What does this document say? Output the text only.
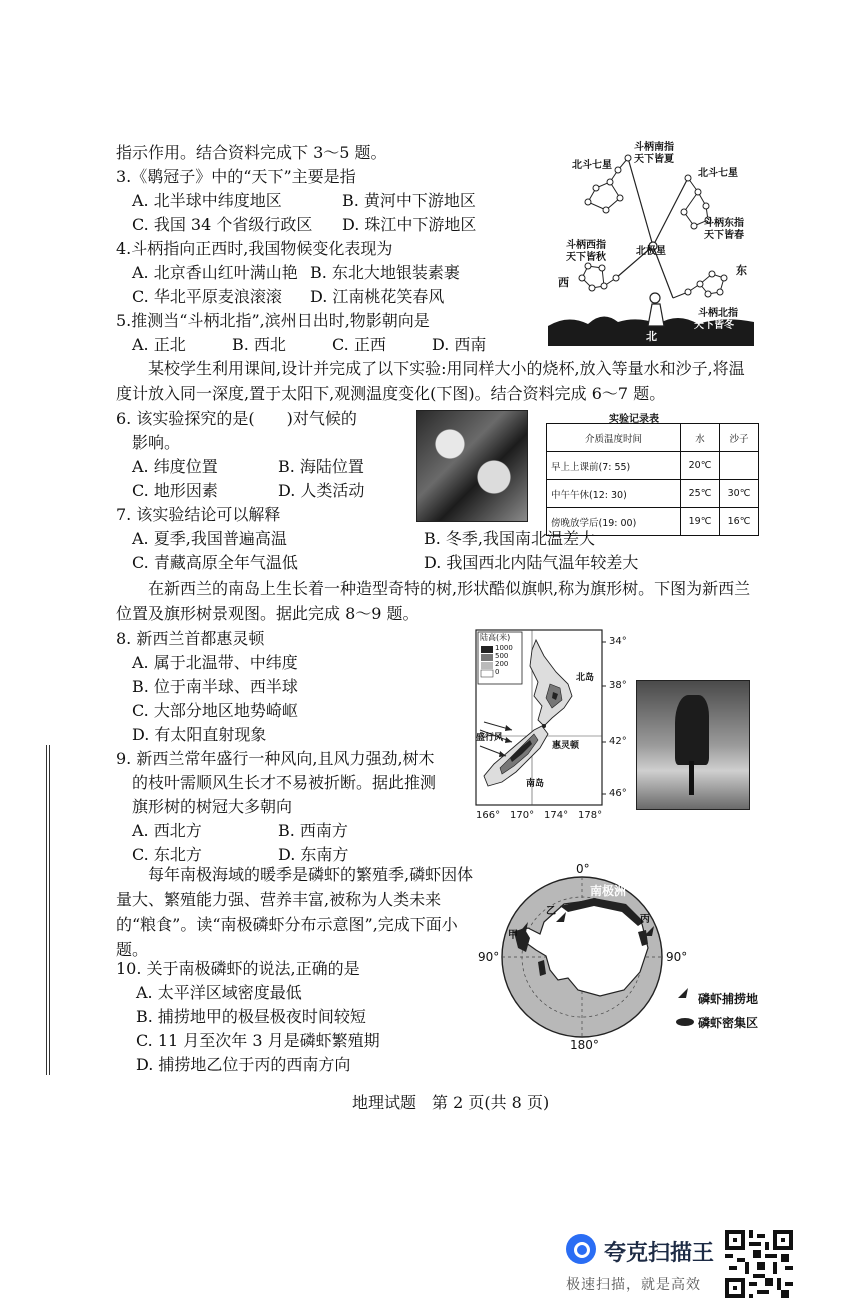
指示作用。结合资料完成下 3～5 题。
3.《鹖冠子》中的“天下”主要是指
A. 北半球中纬度地区	B. 黄河中下游地区
C. 我国 34 个省级行政区 D. 珠江中下游地区
4.斗柄指向正西时,我国物候变化表现为
A. 北京香山红叶满山艳 B. 东北大地银装素裹
C. 华北平原麦浪滚滚 D. 江南桃花笑春风
5.推测当“斗柄北指”,滨州日出时,物影朝向是
A. 正北	B. 西北	C. 正西	D. 西南
斗柄南指
天下皆夏
北斗七星
北斗七星
斗柄东指
天下皆春
斗柄西指
天下皆秋
北极星
西
东
斗柄北指
天下皆冬
北
某校学生利用课间,设计并完成了以下实验:用同样大小的烧杯,放入等量水和沙子,将温度计放入同一深度,置于太阳下,观测温度变化(下图)。结合资料完成 6～7 题。
6. 该实验探究的是(　　)对气候的
影响。
A. 纬度位置	B. 海陆位置
C. 地形因素	D. 人类活动
实验记录表
介质温度时间	水	沙子
早上上课前(7: 55)	20℃	
中午午休(12: 30)	25℃	30℃
傍晚放学后(19: 00)	19℃	16℃
7. 该实验结论可以解释
A. 夏季,我国普遍高温	B. 冬季,我国南北温差大
C. 青藏高原全年气温低	D. 我国西北内陆气温年较差大
在新西兰的南岛上生长着一种造型奇特的树,形状酷似旗帜,称为旗形树。下图为新西兰位置及旗形树景观图。据此完成 8～9 题。
8. 新西兰首都惠灵顿
A. 属于北温带、中纬度
B. 位于南半球、西半球
C. 大部分地区地势崎岖
D. 有太阳直射现象
9. 新西兰常年盛行一种风向,且风力强劲,树木
的枝叶需顺风生长才不易被折断。据此推测
旗形树的树冠大多朝向
A. 西北方	B. 西南方
C. 东北方	D. 东南方
陆高(米)
1000
500
200
0
34°
38°
42°
46°
166° 170° 174° 178°
北岛
南岛
惠灵顿
盛行风
每年南极海域的暖季是磷虾的繁殖季,磷虾因体量大、繁殖能力强、营养丰富,被称为人类未来的“粮食”。读“南极磷虾分布示意图”,完成下面小题。
10. 关于南极磷虾的说法,正确的是
A. 太平洋区域密度最低
B. 捕捞地甲的极昼极夜时间较短
C. 11 月至次年 3 月是磷虾繁殖期
D. 捕捞地乙位于丙的西南方向
0°
90°	90°
180°
南极洲
甲
乙
丙
磷虾捕捞地
磷虾密集区
地理试题　第 2 页(共 8 页)
夸克扫描王
极速扫描，就是高效
